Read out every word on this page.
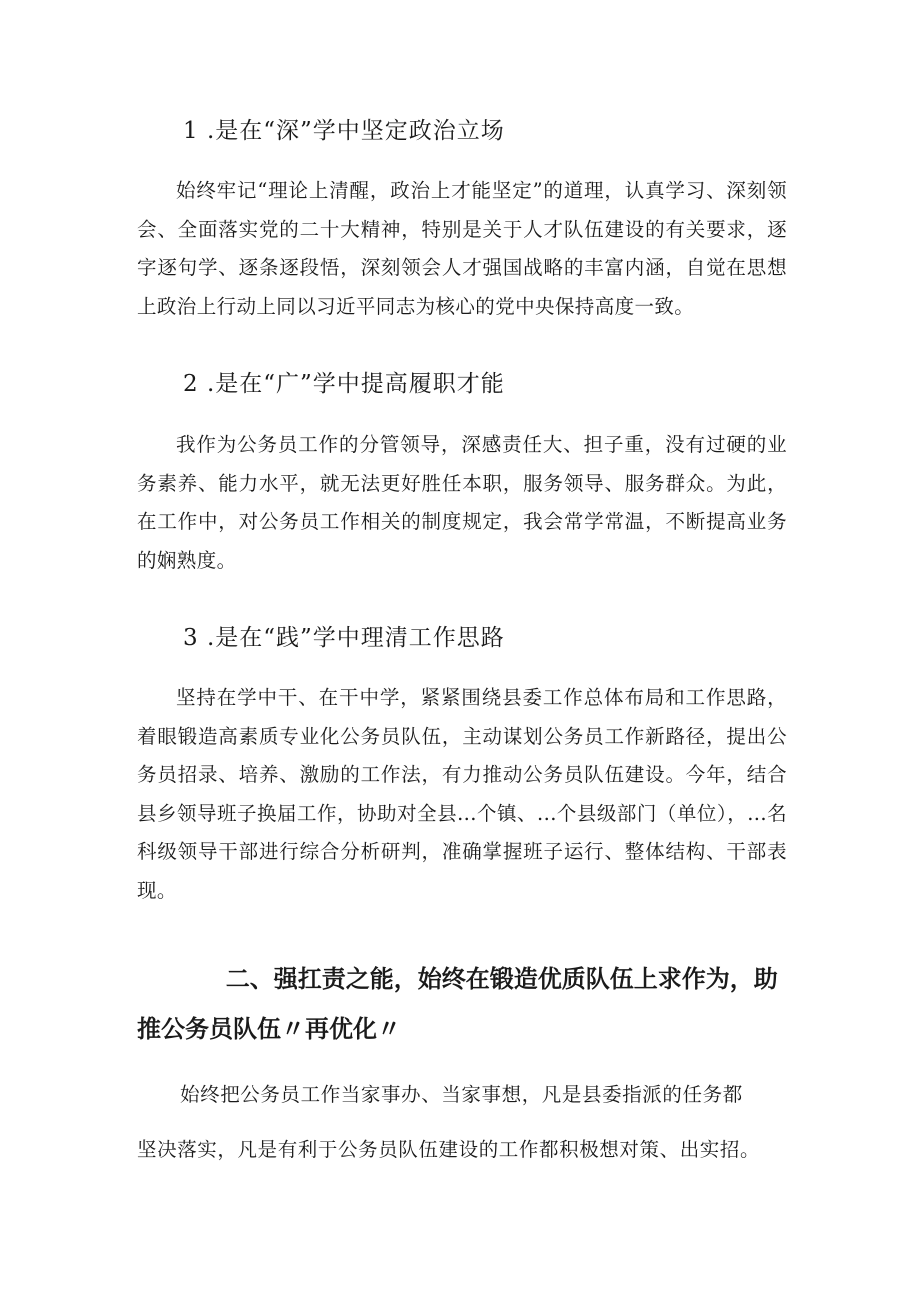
1 .是在“深”学中坚定政治立场
始终牢记“理论上清醒，政治上才能坚定”的道理，认真学习、深刻领会、全面落实党的二十大精神，特别是关于人才队伍建设的有关要求，逐字逐句学、逐条逐段悟，深刻领会人才强国战略的丰富内涵，自觉在思想上政治上行动上同以习近平同志为核心的党中央保持高度一致。
2 .是在“广”学中提高履职才能
我作为公务员工作的分管领导，深感责任大、担子重，没有过硬的业务素养、能力水平，就无法更好胜任本职，服务领导、服务群众。为此，在工作中，对公务员工作相关的制度规定，我会常学常温，不断提高业务的娴熟度。
3 .是在“践”学中理清工作思路
坚持在学中干、在干中学，紧紧围绕县委工作总体布局和工作思路，着眼锻造高素质专业化公务员队伍，主动谋划公务员工作新路径，提出公务员招录、培养、激励的工作法，有力推动公务员队伍建设。今年，结合县乡领导班子换届工作，协助对全县...个镇、...个县级部门（单位），...名科级领导干部进行综合分析研判，准确掌握班子运行、整体结构、干部表现。
二、强扛责之能，始终在锻造优质队伍上求作为，助推公务员队伍〃再优化〃
始终把公务员工作当家事办、当家事想，凡是县委指派的任务都
坚决落实，凡是有利于公务员队伍建设的工作都积极想对策、出实招。
